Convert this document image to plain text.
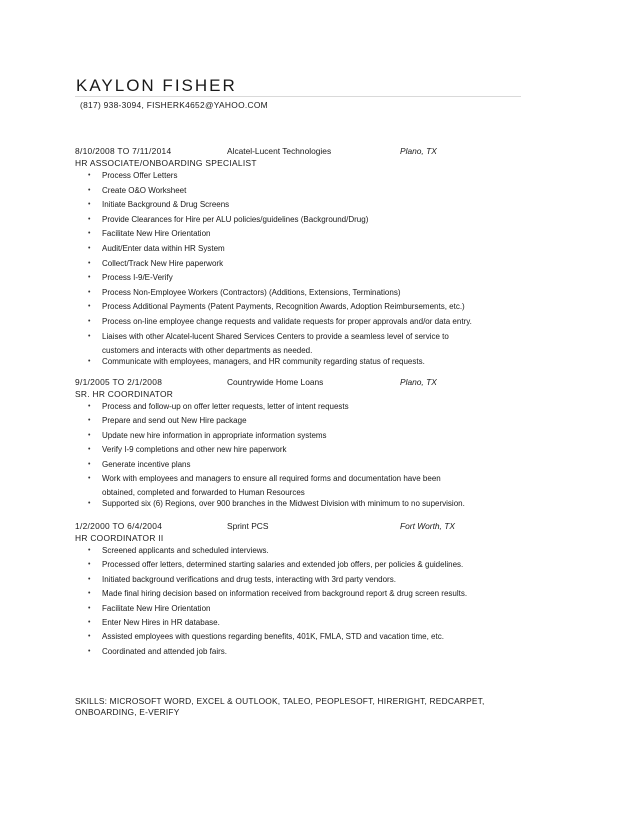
KAYLON FISHER
(817) 938-3094, FISHERK4652@YAHOO.COM
8/10/2008 TO 7/11/2014	Alcatel-Lucent Technologies	Plano, TX
HR ASSOCIATE/ONBOARDING SPECIALIST
• Process Offer Letters
• Create O&O Worksheet
• Initiate Background & Drug Screens
• Provide Clearances for Hire per ALU policies/guidelines (Background/Drug)
• Facilitate New Hire Orientation
• Audit/Enter data within HR System
• Collect/Track New Hire paperwork
• Process I-9/E-Verify
• Process Non-Employee Workers (Contractors) (Additions, Extensions, Terminations)
• Process Additional Payments (Patent Payments, Recognition Awards, Adoption Reimbursements, etc.)
• Process on-line employee change requests and validate requests for proper approvals and/or data entry.
• Liaises with other Alcatel-lucent Shared Services Centers to provide a seamless level of service to
customers and interacts with other departments as needed.
• Communicate with employees, managers, and HR community regarding status of requests.
9/1/2005 TO 2/1/2008	Countrywide Home Loans	Plano, TX
SR. HR COORDINATOR
• Process and follow-up on offer letter requests, letter of intent requests
• Prepare and send out New Hire package
• Update new hire information in appropriate information systems
• Verify I-9 completions and other new hire paperwork
• Generate incentive plans
• Work with employees and managers to ensure all required forms and documentation have been
obtained, completed and forwarded to Human Resources
• Supported six (6) Regions, over 900 branches in the Midwest Division with minimum to no supervision.
1/2/2000 TO 6/4/2004	Sprint PCS	Fort Worth, TX
HR COORDINATOR II
• Screened applicants and scheduled interviews.
• Processed offer letters, determined starting salaries and extended job offers, per policies & guidelines.
• Initiated background verifications and drug tests, interacting with 3rd party vendors.
• Made final hiring decision based on information received from background report & drug screen results.
• Facilitate New Hire Orientation
• Enter New Hires in HR database.
• Assisted employees with questions regarding benefits, 401K, FMLA, STD and vacation time, etc.
• Coordinated and attended job fairs.
SKILLS: MICROSOFT WORD, EXCEL & OUTLOOK, TALEO, PEOPLESOFT, HIRERIGHT, REDCARPET, ONBOARDING, E-VERIFY
